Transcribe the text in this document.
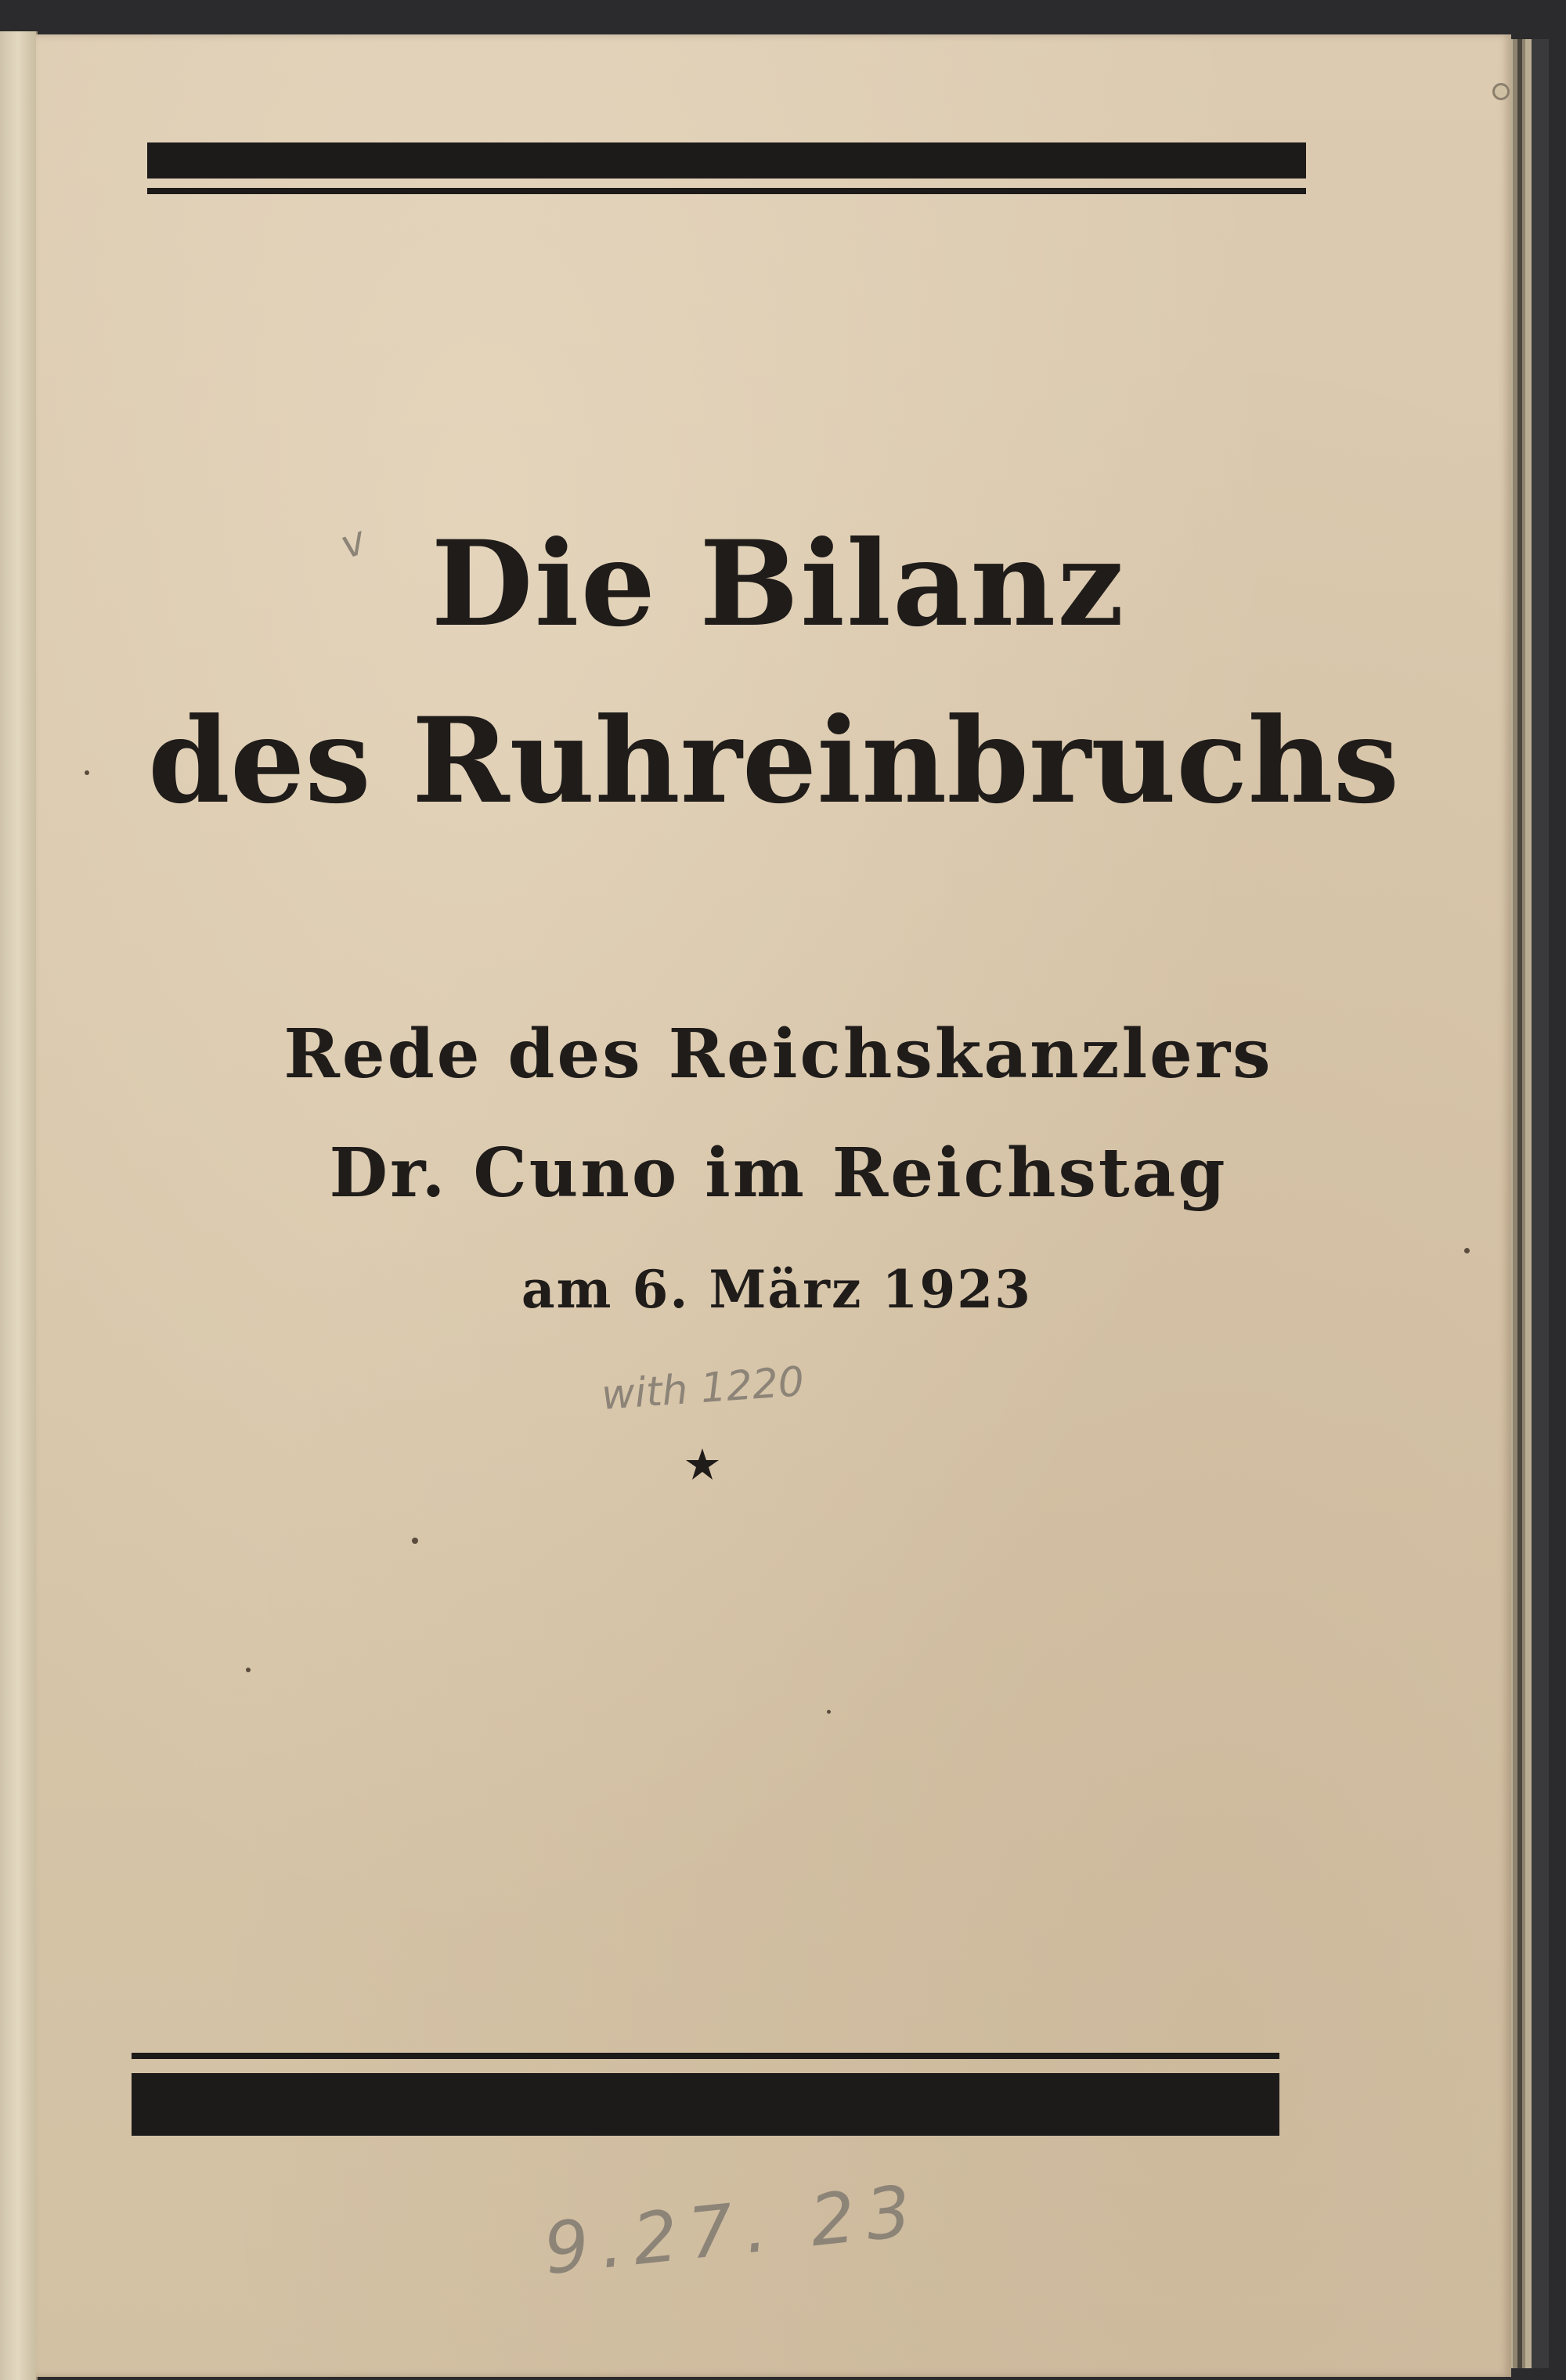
v Die Bilanz
des Ruhreinbruchs
Rede des Reichskanzlers
Dr. Cuno im Reichstag
am 6. März 1923
with 1220
9.27. 23
